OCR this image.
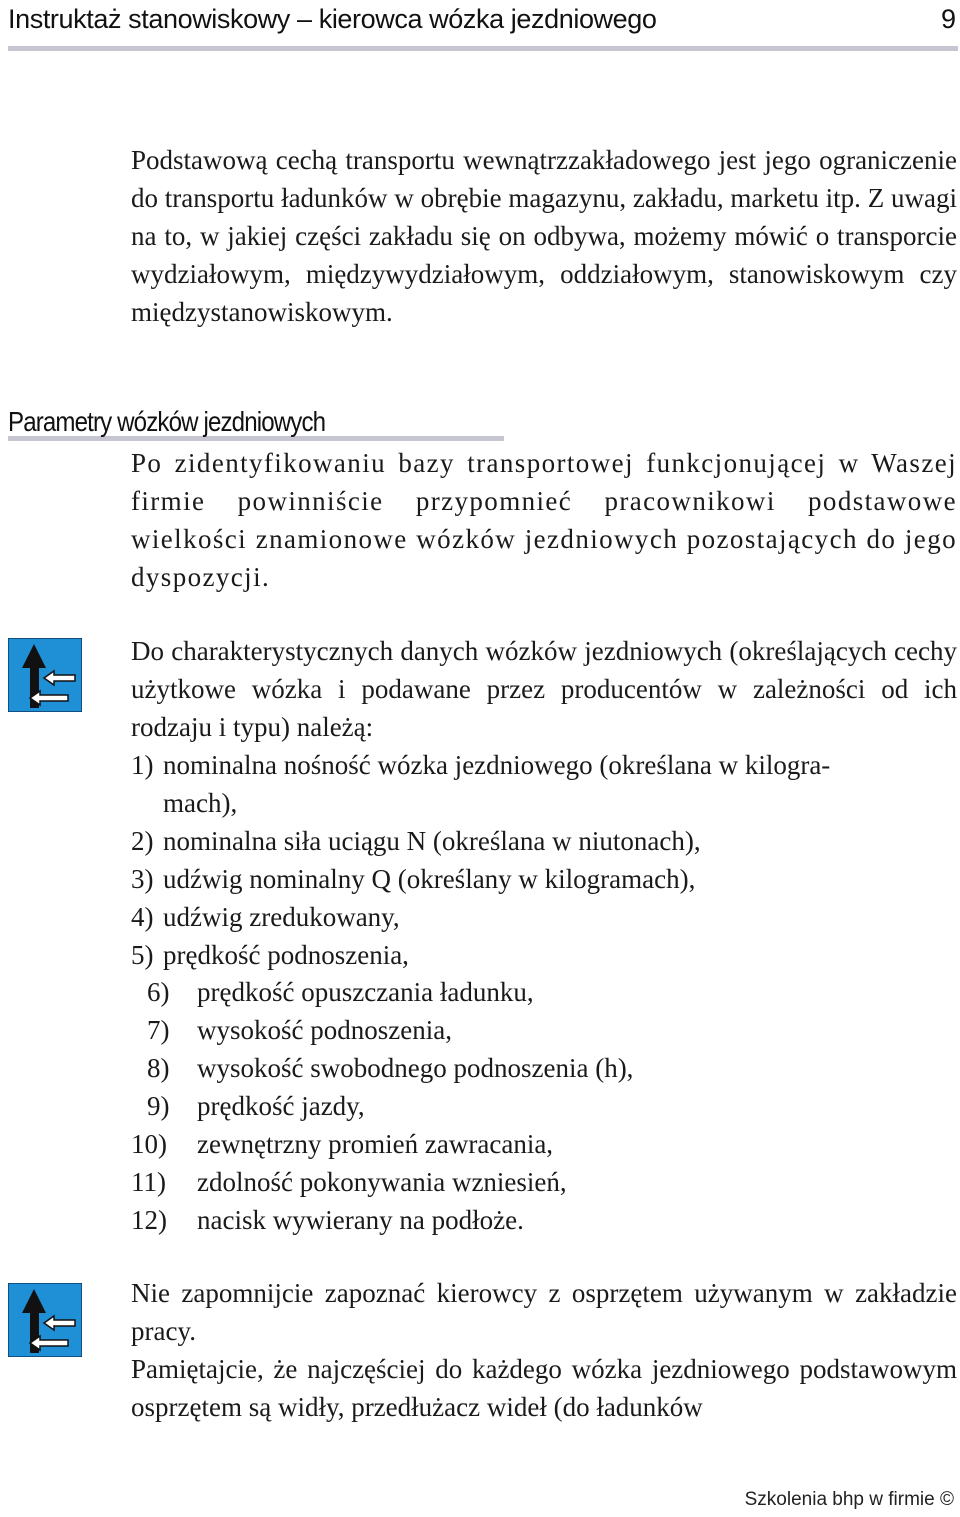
Instruktaż stanowiskowy – kierowca wózka jezdniowego	9

Podstawową cechą transportu wewnątrzzakładowego jest jego ograniczenie do transportu ładunków w obrębie magazynu, zakładu, marketu itp. Z uwagi na to, w jakiej części zakładu się on odbywa, możemy mówić o transporcie wydziałowym, międzywydziałowym, oddziałowym, stanowiskowym czy międzystanowiskowym.

Parametry wózków jezdniowych

Po zidentyfikowaniu bazy transportowej funkcjonującej w Waszej firmie powinniście przypomnieć pracownikowi podstawowe wielkości znamionowe wózków jezdniowych pozostających do jego dyspozycji.

Do charakterystycznych danych wózków jezdniowych (określających cechy użytkowe wózka i podawane przez producentów w zależności od ich rodzaju i typu) należą:

1) nominalna nośność wózka jezdniowego (określana w kilogra-
mach),
2) nominalna siła uciągu N (określana w niutonach),
3) udźwig nominalny Q (określany w kilogramach),
4) udźwig zredukowany,
5) prędkość podnoszenia,
6) prędkość opuszczania ładunku,
7) wysokość podnoszenia,
8) wysokość swobodnego podnoszenia (h),
9) prędkość jazdy,
10) zewnętrzny promień zawracania,
11) zdolność pokonywania wzniesień,
12) nacisk wywierany na podłoże.

Nie zapomnijcie zapoznać kierowcy z osprzętem używanym w zakładzie pracy.

Pamiętajcie, że najczęściej do każdego wózka jezdniowego podstawowym osprzętem są widły, przedłużacz wideł (do ładunków

Szkolenia bhp w firmie ©
